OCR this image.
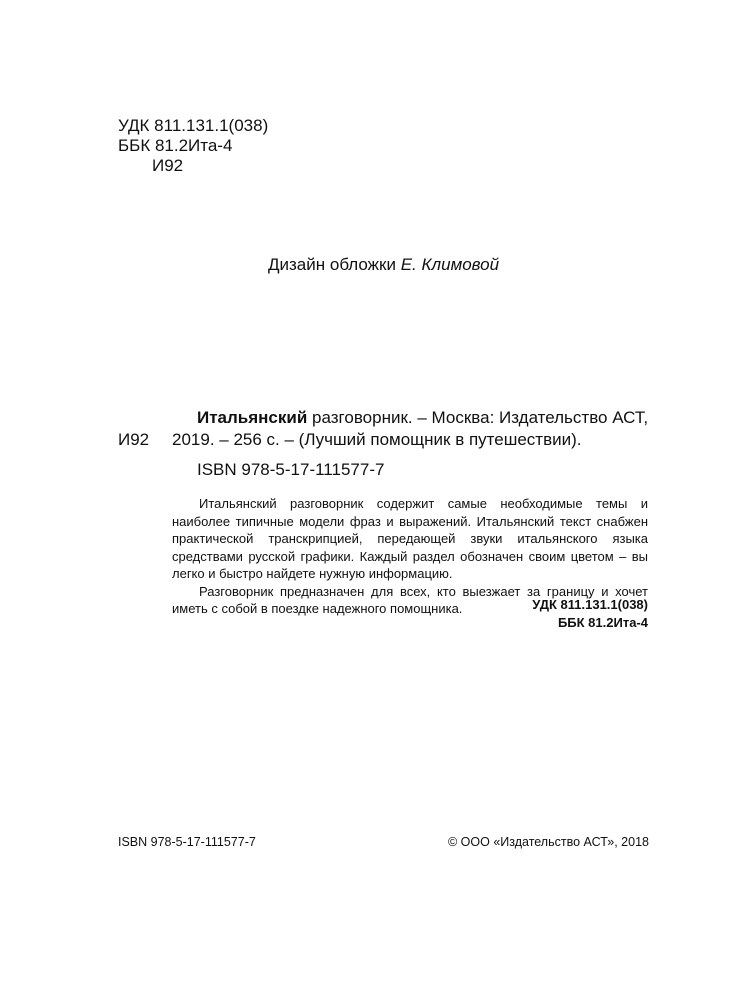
УДК 811.131.1(038)
ББК 81.2Ита-4
И92
Дизайн обложки Е. Климовой
И92
Итальянский разговорник. – Москва: Издательство АСТ,
2019. – 256 с. – (Лучший помощник в путешествии).
ISBN 978-5-17-111577-7

Итальянский разговорник содержит самые необходимые темы и наиболее типичные модели фраз и выражений. Итальянский текст снабжен практической транскрипцией, передающей звуки итальянского языка средствами русской графики. Каждый раздел обозначен своим цветом – вы легко и быстро найдете нужную информацию.

Разговорник предназначен для всех, кто выезжает за границу и хочет иметь с собой в поездке надежного помощника.	УДК 811.131.1(038)
ББК 81.2Ита-4
ISBN 978-5-17-111577-7	© ООО «Издательство АСТ», 2018
